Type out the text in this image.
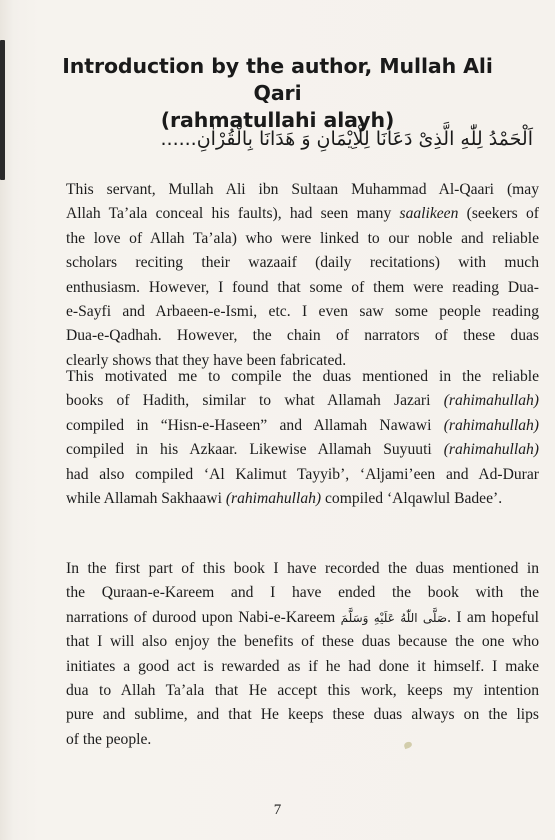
Introduction by the author, Mullah Ali Qari
(rahmatullahi alayh)
اَلْحَمْدُ لِلّٰهِ الَّذِىْ دَعَانَا لِلْاِيْمَانِ وَ هَدَانَا بِالْقُرْاٰنِ......
This servant, Mullah Ali ibn Sultaan Muhammad Al-Qaari (may
Allah Ta’ala conceal his faults), had seen many saalikeen (seekers of
the love of Allah Ta’ala) who were linked to our noble and reliable
scholars reciting their wazaaif (daily recitations) with much
enthusiasm. However, I found that some of them were reading Dua-
e-Sayfi and Arbaeen-e-Ismi, etc. I even saw some people reading
Dua-e-Qadhah. However, the chain of narrators of these duas
clearly shows that they have been fabricated.
This motivated me to compile the duas mentioned in the reliable
books of Hadith, similar to what Allamah Jazari (rahimahullah)
compiled in “Hisn-e-Haseen” and Allamah Nawawi (rahimahullah)
compiled in his Azkaar. Likewise Allamah Suyuuti (rahimahullah)
had also compiled ‘Al Kalimut Tayyib’, ‘Aljami’een and Ad-Durar
while Allamah Sakhaawi (rahimahullah) compiled ‘Alqawlul Badee’.
In the first part of this book I have recorded the duas mentioned in
the Quraan-e-Kareem and I have ended the book with the
narrations of durood upon Nabi-e-Kareem صَلَّى اللّٰهُ عَلَيْهِ وَسَلَّمَ. I am hopeful
that I will also enjoy the benefits of these duas because the one who
initiates a good act is rewarded as if he had done it himself. I make
dua to Allah Ta’ala that He accept this work, keeps my intention
pure and sublime, and that He keeps these duas always on the lips
of the people.
7
